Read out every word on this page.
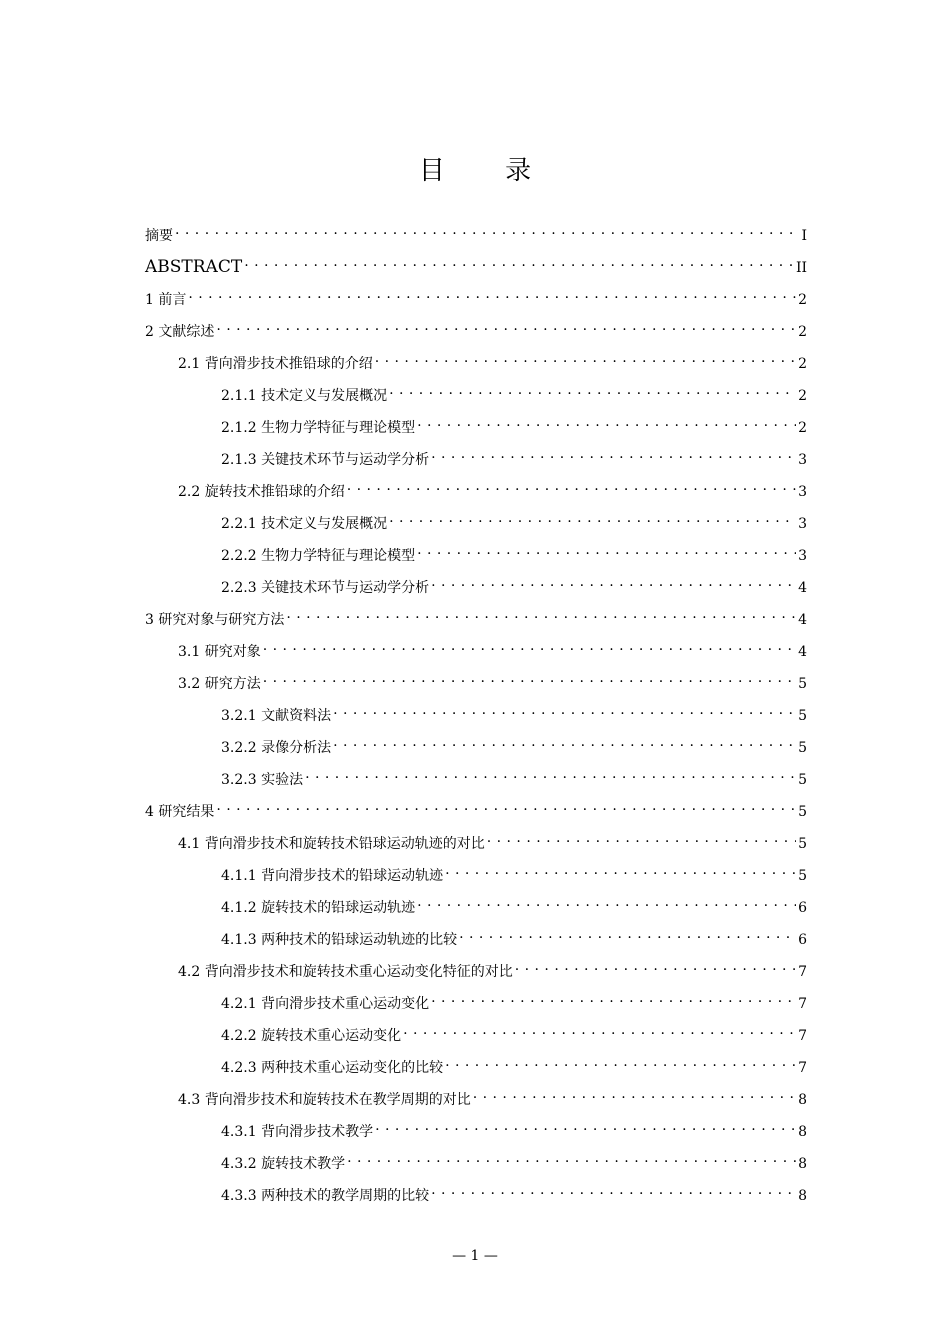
目 录
摘要 . . .	I
ABSTRACT . . .	II
1 前言 . . .	2
2 文献综述 . . .	2
2.1 背向滑步技术推铅球的介绍 . . .	2
2.1.1 技术定义与发展概况 . . .	2
2.1.2 生物力学特征与理论模型 . . .	2
2.1.3 关键技术环节与运动学分析 . . .	3
2.2 旋转技术推铅球的介绍 . . .	3
2.2.1 技术定义与发展概况 . . .	3
2.2.2 生物力学特征与理论模型 . . .	3
2.2.3 关键技术环节与运动学分析 . . .	4
3 研究对象与研究方法 . . .	4
3.1 研究对象 . . .	4
3.2 研究方法 . . .	5
3.2.1 文献资料法 . . .	5
3.2.2 录像分析法 . . .	5
3.2.3 实验法 . . .	5
4 研究结果 . . .	5
4.1 背向滑步技术和旋转技术铅球运动轨迹的对比 . . .	5
4.1.1 背向滑步技术的铅球运动轨迹 . . .	5
4.1.2 旋转技术的铅球运动轨迹 . . .	6
4.1.3 两种技术的铅球运动轨迹的比较 . . .	6
4.2 背向滑步技术和旋转技术重心运动变化特征的对比 . . .	7
4.2.1 背向滑步技术重心运动变化 . . .	7
4.2.2 旋转技术重心运动变化 . . .	7
4.2.3 两种技术重心运动变化的比较 . . .	7
4.3 背向滑步技术和旋转技术在教学周期的对比 . . .	8
4.3.1 背向滑步技术教学 . . .	8
4.3.2 旋转技术教学 . . .	8
4.3.3 两种技术的教学周期的比较 . . .	8
— 1 —
